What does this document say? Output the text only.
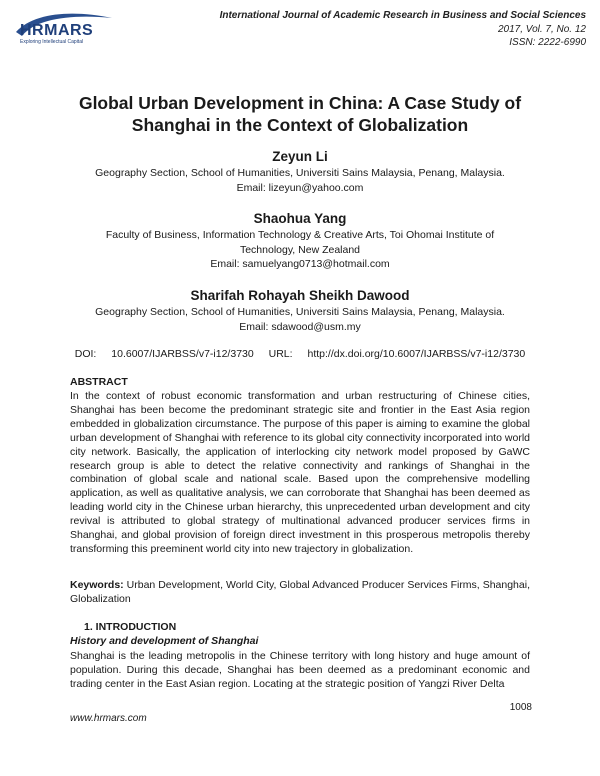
HRMARS
Exploring Intellectual Capital
International Journal of Academic Research in Business and Social Sciences
2017, Vol. 7, No. 12
ISSN: 2222-6990
Global Urban Development in China: A Case Study of
Shanghai in the Context of Globalization
Zeyun Li
Geography Section, School of Humanities, Universiti Sains Malaysia, Penang, Malaysia.
Email: lizeyun@yahoo.com
Shaohua Yang
Faculty of Business, Information Technology & Creative Arts, Toi Ohomai Institute of Technology, New Zealand
Email: samuelyang0713@hotmail.com
Sharifah Rohayah Sheikh Dawood
Geography Section, School of Humanities, Universiti Sains Malaysia, Penang, Malaysia.
Email: sdawood@usm.my
DOI: 10.6007/IJARBSS/v7-i12/3730 URL: http://dx.doi.org/10.6007/IJARBSS/v7-i12/3730
ABSTRACT
In the context of robust economic transformation and urban restructuring of Chinese cities, Shanghai has been become the predominant strategic site and frontier in the East Asia region embedded in globalization circumstance. The purpose of this paper is aiming to examine the global urban development of Shanghai with reference to its global city connectivity incorporated into world city network. Basically, the application of interlocking city network model proposed by GaWC research group is able to detect the relative connectivity and rankings of Shanghai in the combination of global scale and national scale. Based upon the comprehensive modelling application, as well as qualitative analysis, we can corroborate that Shanghai has been deemed as leading world city in the Chinese urban hierarchy, this unprecedented urban development and city revival is attributed to global strategy of multinational advanced producer services firms in Shanghai, and global provision of foreign direct investment in this prosperous metropolis thereby transforming this preeminent world city into new trajectory in globalization.
Keywords: Urban Development, World City, Global Advanced Producer Services Firms, Shanghai, Globalization
1. INTRODUCTION
History and development of Shanghai
Shanghai is the leading metropolis in the Chinese territory with long history and huge amount of population. During this decade, Shanghai has been deemed as a predominant economic and trading center in the East Asian region. Locating at the strategic position of Yangzi River Delta
1008
www.hrmars.com
